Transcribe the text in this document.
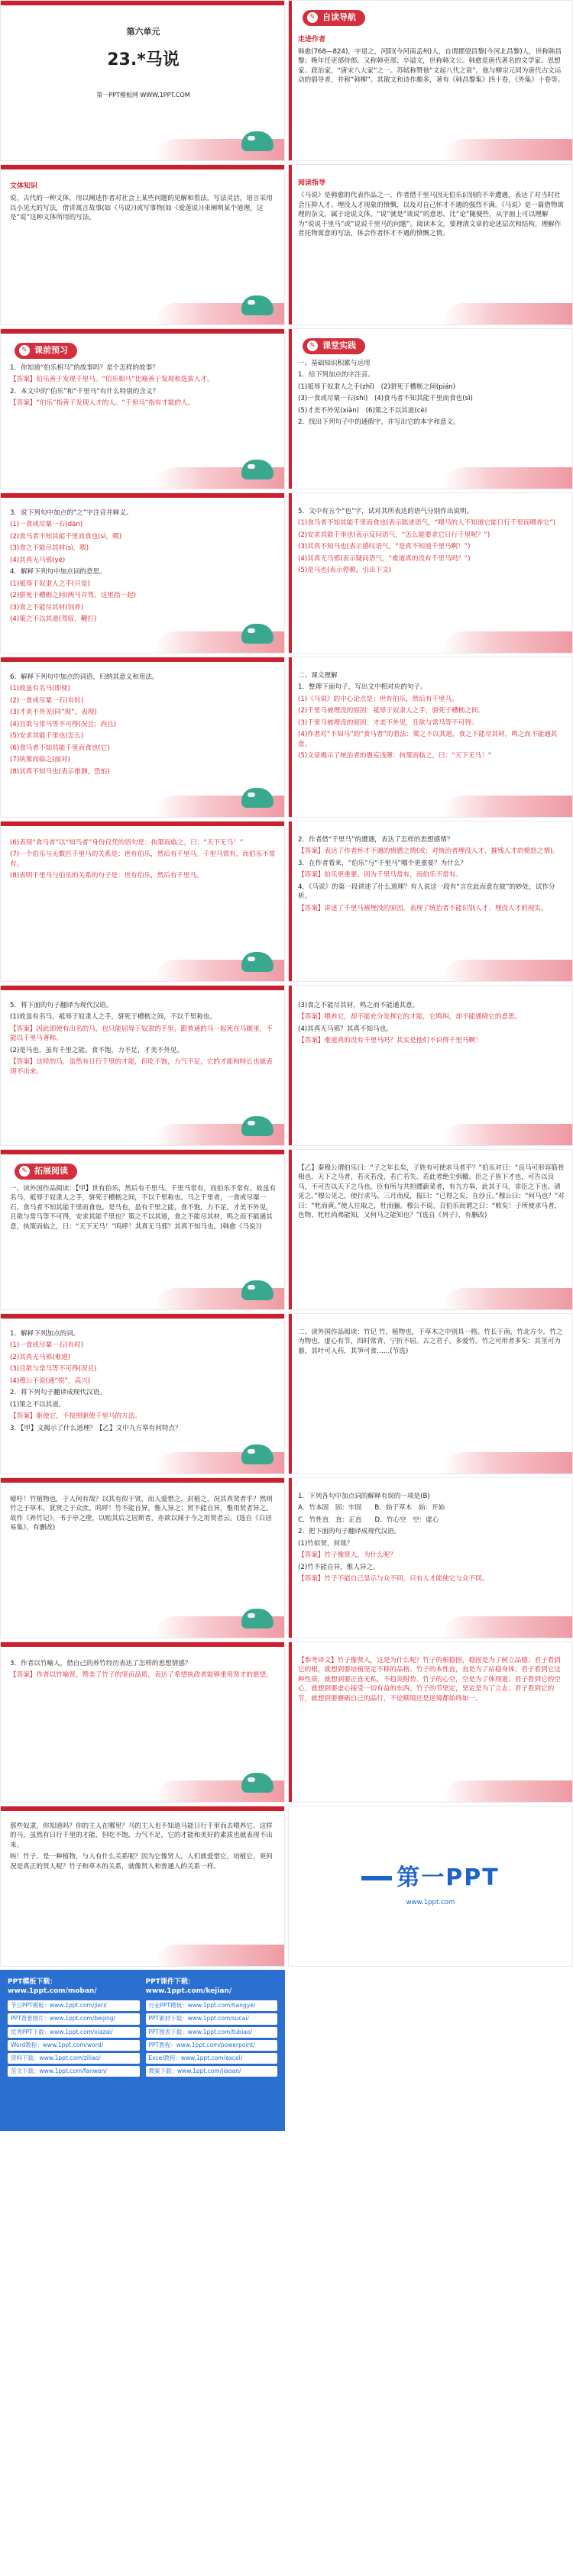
第六单元
23.*马说
第一PPT模板网 WWW.1PPT.COM
✎ 自读导航
走进作者
韩愈(768—824)，字退之，河阳(今河南孟州)人，自谓郡望昌黎(今河北昌黎)人，世称韩昌黎；晚年任吏部侍郎，又称韩吏部；卒谥文，世称韩文公。韩愈是唐代著名的文学家、思想家、政治家，“唐宋八大家”之一。苏轼称赞他“文起八代之衰”。他与柳宗元同为唐代古文运动的倡导者，并称“韩柳”。其散文和诗作颇多，著有《韩昌黎集》四十卷，《外集》十卷等。
文体知识
说，古代的一种文体，用以阐述作者对社会上某些问题的见解和看法。写法灵活，语言采用以小见大的写法，借讲寓言故事(如《马说》)或写事物(如《爱莲说》)来阐明某个道理，这是“说”这种文体所用的写法。
阅读指导
《马说》是韩愈的代表作品之一，作者借千里马因无伯乐识别的不幸遭遇，表达了对当时社会压抑人才、埋没人才现象的愤慨，以及对自己怀才不遇的强烈不满。《马说》是一篇借物寓理的杂文，属于论说文体。“说”就是“谈说”的意思，比“论”随便些，从字面上可以理解为“说说千里马”或“说说千里马的问题”。阅读本文，要理清文章的论述层次和结构，理解作者托物寓意的写法，体会作者怀才不遇的愤慨之情。
✎ 课前预习
1．你知道“伯乐相马”的故事吗？是个怎样的故事？
【答案】伯乐善于发现千里马。“伯乐相马”比喻善于发现和选拔人才。
2．本文中的“伯乐”和“千里马”有什么特别的含义？
【答案】“伯乐”指善于发现人才的人。“千里马”指有才能的人。
✎ 课堂实践
一、基础知识积累与运用
1．给下列加点的字注音。
(1)祗辱于奴隶人之手(zhǐ)　(2)骈死于槽枥之间(pián)
(3)一食或尽粟一石(shí)　(4)食马者不知其能千里而食也(sì)
(5)才美不外见(xiàn)　(6)策之不以其道(cè)
2．找出下列句子中的通假字，并写出它的本字和意义。
3．说下列句中加点的“之”字注音并释义。
(1)一食或尽粟一石(dàn)
(2)食马者不知其能千里而食也(sì，喂)
(3)食之不能尽其材(sì，喂)
(4)其真无马邪(yé)
4．解释下列句中加点词的意思。
(1)祗辱于奴隶人之手(只是)
(2)骈死于槽枥之间(两马并驾，这里指一起)
(3)食之不能尽其材(饲养)
(4)策之不以其道(驾驭，鞭打)
5．文中有五个“也”字，试对其所表达的语气分别作出说明。
(1)食马者不知其能千里而食也(表示陈述语气，“喂马的人不知道它能日行千里而喂养它”)
(2)安求其能千里也(表示反问语气，“怎么能要求它日行千里呢？”)
(3)其真不知马也(表示感叹语气，“是真不知道千里马啊！”)
(4)其真无马邪(表示疑问语气，“难道真的没有千里马吗？”)
(5)是马也(表示停顿，引出下文)
6．解释下列句中加点的词语，归纳其意义和用法。
(1)故虽有名马(即使)
(2)一食或尽粟一石(有时)
(3)才美不外见(同“现”，表现)
(4)且欲与常马等不可得(况且；尚且)
(5)安求其能千里也(怎么)
(6)食马者不知其能千里而食也(它)
(7)执策而临之(面对)
(8)其真不知马也(表示推测，恐怕)
二、课文理解
1．整理下面句子，写出文中相对应的句子。
(1)《马说》的中心论点是：世有伯乐，然后有千里马。
(2)千里马被埋没的原因：祗辱于奴隶人之手，骈死于槽枥之间。
(3)千里马被埋没的原因：才美不外见，且欲与常马等不可得。
(4)作者对“不知马”的“食马者”的看法：策之不以其道，食之不能尽其材，鸣之而不能通其意。
(5)文章揭示了统治者的愚妄浅薄：执策而临之，曰：“天下无马！”
(6)表现“食马者”以“知马者”身份仅凭的语句是：执策而临之，曰：“天下无马！”
(7)一个伯乐与无数匹千里马的关系是：世有伯乐，然后有千里马。千里马常有，而伯乐不常有。
(8)表明千里马与伯乐的关系的句子是：世有伯乐，然后有千里马。
2．作者借“千里马”的遭遇，表达了怎样的思想感情？
【答案】表达了作者怀才不遇的愤懑之情(或：对统治者埋没人才、摧残人才的愤怒之情)。
3．在作者看来，“伯乐”与“千里马”哪个更重要？为什么？
【答案】伯乐更重要。因为千里马常有，而伯乐不常有。
4．《马说》的第一段讲述了什么道理？有人说这一段有“言在此而意在彼”的妙处，试作分析。
【答案】讲述了千里马被埋没的原因，表现了统治者不能识别人才、埋没人才的现实。
5．将下面的句子翻译为现代汉语。
(1)故虽有名马，祗辱于奴隶人之手，骈死于槽枥之间，不以千里称也。
【答案】因此即使有出名的马，也只能屈辱于奴隶的手里，跟普通的马一起死在马厩里，不能以千里马著称。
(2)是马也，虽有千里之能，食不饱，力不足，才美不外见。
【答案】这样的马，虽然有日行千里的才能，但吃不饱，力气不足，它的才能和特长也就表现不出来。
(3)食之不能尽其材，鸣之而不能通其意。
【答案】喂养它，却不能充分发挥它的才能，它鸣叫，却不能通晓它的意思。
(4)其真无马邪？其真不知马也。
【答案】难道真的没有千里马吗？其实是他们不识得千里马啊！
✎ 拓展阅读
一、读外国作品阅读：【甲】世有伯乐，然后有千里马。千里马常有，而伯乐不常有。故虽有名马，祗辱于奴隶人之手，骈死于槽枥之间，不以千里称也。马之千里者，一食或尽粟一石。食马者不知其能千里而食也。是马也，虽有千里之能，食不饱，力不足，才美不外见，且欲与常马等不可得，安求其能千里也？策之不以其道，食之不能尽其材，鸣之而不能通其意，执策而临之，曰：“天下无马！”呜呼！其真无马邪？其真不知马也。(韩愈《马说》)
【乙】秦穆公谓伯乐曰：“子之年长矣，子姓有可使求马者乎？”伯乐对曰：“良马可形容筋骨相也。天下之马者，若灭若没，若亡若失。若此者绝尘弭辙。臣之子皆下才也，可告以良马，不可告以天下之马也。臣有所与共担纆薪菜者，有九方皋，此其于马，非臣之下也。请见之。”穆公见之，使行求马。三月而反，报曰：“已得之矣，在沙丘。”穆公曰：“何马也？”对曰：“牝而黄。”使人往取之，牡而骊。穆公不说。召伯乐而谓之曰：“败矣！子所使求马者，色物、牝牡尚弗能知，又何马之能知也？”(选自《列子》，有删改)
1．解释下列加点的词。
(1)一食或尽粟一石(有时)
(2)其真无马邪(难道)
(3)且欲与常马等不可得(况且)
(4)穆公不说(通“悦”，高兴)
2．将下列句子翻译成现代汉语。
(1)策之不以其道。
【答案】驱使它，不按照驱使千里马的方法。
3．【甲】文揭示了什么道理？【乙】文中九方皋有何特点？
二、读外国作品阅读：竹记 竹，植物也，于草木之中别具一格。竹长于南，竹北方少。竹之为物也，虚心有节，四时常青，宁折不屈。古之君子，多爱竹。竹之可用者多矣：其茎可为器，其叶可入药，其笋可食……(节选)
噫吁！竹植物也，于人何有哉？以其有似于贤，而人爱惜之，封植之，况其真贤者乎？然则竹之于草木，犹贤之于众庶。呜呼！竹不能自异，惟人异之；贤不能自异，惟用贤者异之。故作《养竹记》，书于亭之壁，以贻其后之居斯者，亦欲以闻于今之用贤者云。(选自《白居易集》，有删改)
1．下列各句中加点词的解释有误的一项是(B)
A．竹本固　固：牢固　　B．始于草木　始：开始
C．竹性直　直：正直　　D．竹心空　空：虚心
2．把下面的句子翻译成现代汉语。
(1)竹似贤，何哉？
【答案】竹子像贤人，为什么呢？
(2)竹不能自异，惟人异之。
【答案】竹子不能自己显示与众不同，只有人才能使它与众不同。
3．作者以竹喻人，借自己的养竹经历表达了怎样的思想情感？
【答案】作者以竹喻贤，赞美了竹子的坚贞品质，表达了希望执政者能够重用贤才的愿望。
【参考译文】竹子像贤人，这是为什么呢？竹子的根稳固，稳固是为了树立品德；君子看到它的根，就想到要培植坚定不移的品格。竹子的本性直，直是为了站稳身体；君子看到它这种性质，就想到要正直无私，不趋炎附势。竹子的心空，空是为了体现道；君子看到它的空心，就想到要虚心接受一切有益的东西。竹子的节坚定，坚定是为了立志；君子看到它的节，就想到要磨砺自己的品行，不论顺境还是逆境都始终如一。
那些奴隶，你知道吗？你的主人在哪里？马的主人也不知道马能日行千里而去喂养它。这样的马，虽然有日行千里的才能，但吃不饱，力气不足，它的才能和美好的素质也就表现不出来。
唉！竹子，是一种植物，与人有什么关系呢？因为它像贤人，人们就爱惜它，培植它，更何况是真正的贤人呢？竹子和草木的关系，就像贤人和普通人的关系一样。	第一PPT
www.1ppt.com
PPT模板下载：www.1ppt.com/moban/
节日PPT模板：www.1ppt.com/jieri/
PPT背景图片：www.1ppt.com/beijing/
优秀PPT下载：www.1ppt.com/xiazai/
Word教程：www.1ppt.com/word/
资料下载：www.1ppt.com/ziliao/
范文下载：www.1ppt.com/fanwen/
PPT课件下载：www.1ppt.com/kejian/
行业PPT模板：www.1ppt.com/hangye/
PPT素材下载：www.1ppt.com/sucai/
PPT图表下载：www.1ppt.com/tubiao/
PPT教程：www.1ppt.com/powerpoint/
Excel教程：www.1ppt.com/excel/
教案下载：www.1ppt.com/jiaoan/
